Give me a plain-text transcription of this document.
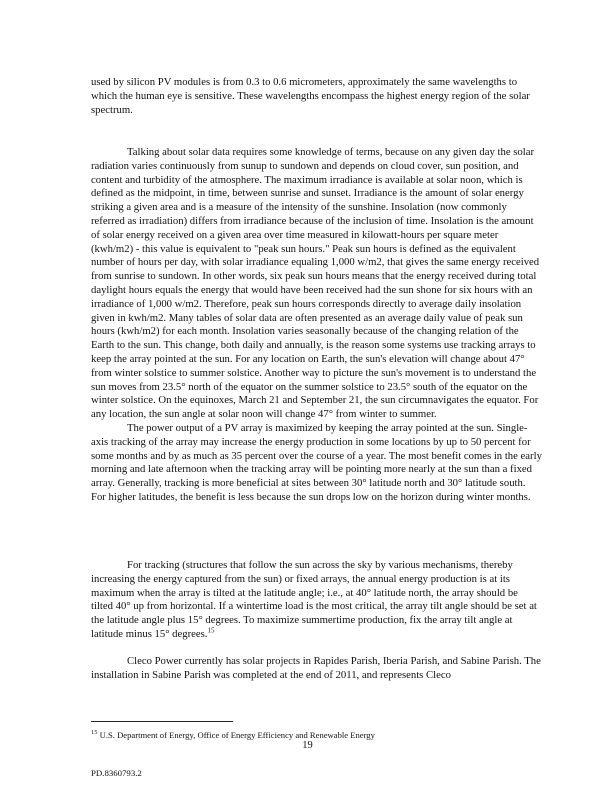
used by silicon PV modules is from 0.3 to 0.6 micrometers, approximately the same wavelengths to which the human eye is sensitive. These wavelengths encompass the highest energy region of the solar spectrum.

Talking about solar data requires some knowledge of terms, because on any given day the solar radiation varies continuously from sunup to sundown and depends on cloud cover, sun position, and content and turbidity of the atmosphere. The maximum irradiance is available at solar noon, which is defined as the midpoint, in time, between sunrise and sunset. Irradiance is the amount of solar energy striking a given area and is a measure of the intensity of the sunshine. Insolation (now commonly referred as irradiation) differs from irradiance because of the inclusion of time. Insolation is the amount of solar energy received on a given area over time measured in kilowatt-hours per square meter (kwh/m2) - this value is equivalent to "peak sun hours." Peak sun hours is defined as the equivalent number of hours per day, with solar irradiance equaling 1,000 w/m2, that gives the same energy received from sunrise to sundown. In other words, six peak sun hours means that the energy received during total daylight hours equals the energy that would have been received had the sun shone for six hours with an irradiance of 1,000 w/m2. Therefore, peak sun hours corresponds directly to average daily insolation given in kwh/m2. Many tables of solar data are often presented as an average daily value of peak sun hours (kwh/m2) for each month. Insolation varies seasonally because of the changing relation of the Earth to the sun. This change, both daily and annually, is the reason some systems use tracking arrays to keep the array pointed at the sun. For any location on Earth, the sun's elevation will change about 47° from winter solstice to summer solstice. Another way to picture the sun's movement is to understand the sun moves from 23.5° north of the equator on the summer solstice to 23.5° south of the equator on the winter solstice. On the equinoxes, March 21 and September 21, the sun circumnavigates the equator. For any location, the sun angle at solar noon will change 47° from winter to summer.

The power output of a PV array is maximized by keeping the array pointed at the sun. Single-axis tracking of the array may increase the energy production in some locations by up to 50 percent for some months and by as much as 35 percent over the course of a year. The most benefit comes in the early morning and late afternoon when the tracking array will be pointing more nearly at the sun than a fixed array. Generally, tracking is more beneficial at sites between 30° latitude north and 30° latitude south. For higher latitudes, the benefit is less because the sun drops low on the horizon during winter months.

For tracking (structures that follow the sun across the sky by various mechanisms, thereby increasing the energy captured from the sun) or fixed arrays, the annual energy production is at its maximum when the array is tilted at the latitude angle; i.e., at 40° latitude north, the array should be tilted 40° up from horizontal. If a wintertime load is the most critical, the array tilt angle should be set at the latitude angle plus 15° degrees. To maximize summertime production, fix the array tilt angle at latitude minus 15° degrees.$^{15}$

Cleco Power currently has solar projects in Rapides Parish, Iberia Parish, and Sabine Parish. The installation in Sabine Parish was completed at the end of 2011, and represents Cleco

$^{15}$ U.S. Department of Energy, Office of Energy Efficiency and Renewable Energy
19
PD.8360793.2
